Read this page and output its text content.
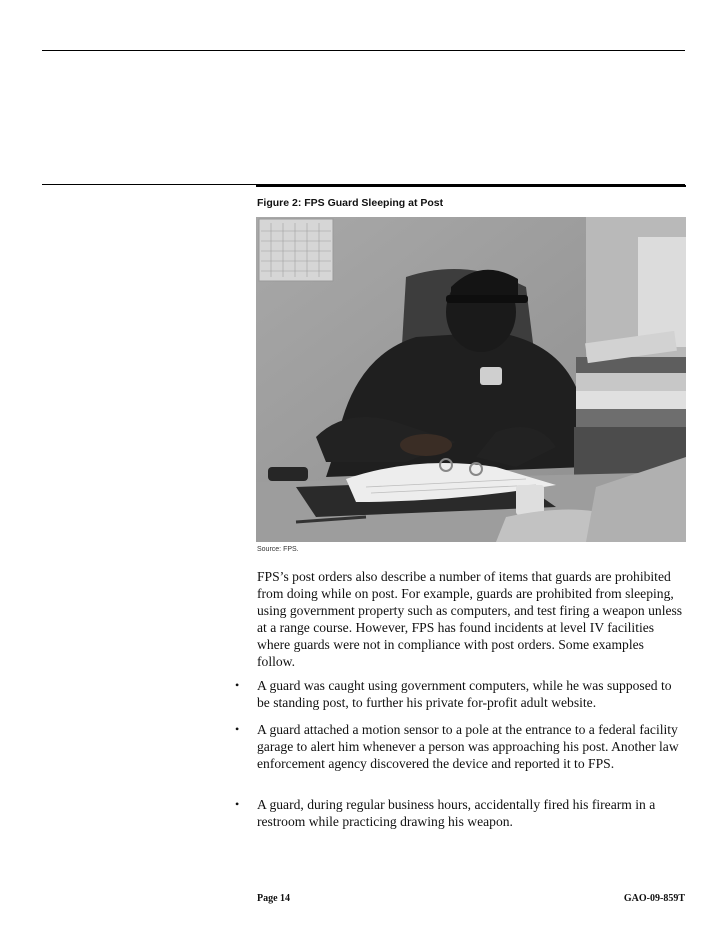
Figure 2: FPS Guard Sleeping at Post
Source: FPS.
FPS’s post orders also describe a number of items that guards are prohibited from doing while on post. For example, guards are prohibited from sleeping, using government property such as computers, and test firing a weapon unless at a range course. However, FPS has found incidents at level IV facilities where guards were not in compliance with post orders. Some examples follow.
• A guard was caught using government computers, while he was supposed to be standing post, to further his private for-profit adult website.
• A guard attached a motion sensor to a pole at the entrance to a federal facility garage to alert him whenever a person was approaching his post. Another law enforcement agency discovered the device and reported it to FPS.
• A guard, during regular business hours, accidentally fired his firearm in a restroom while practicing drawing his weapon.
Page 14	GAO-09-859T
